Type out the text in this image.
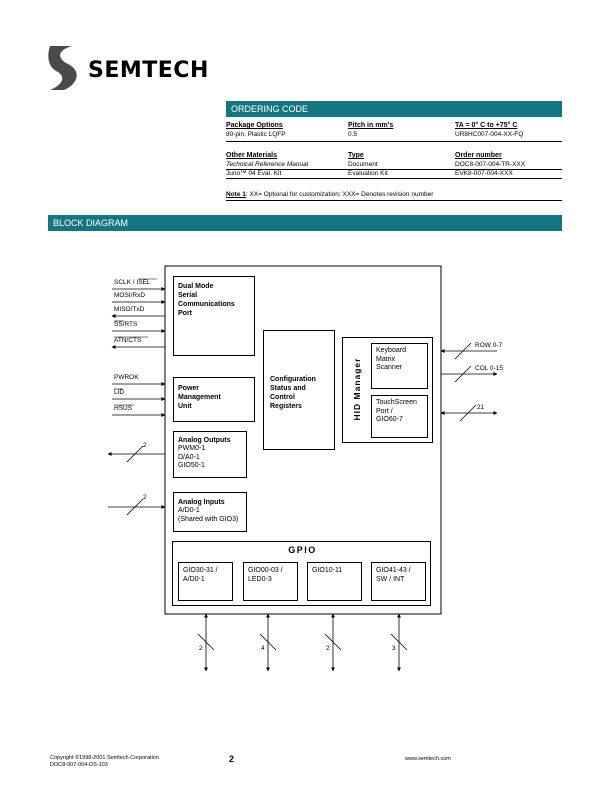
SEMTECH
ORDERING CODE
Package Options	Pitch in mm's	TA = 0° C to +75° C
80-pin, Plastic LQFP	0.5	UR8HC007-004-XX-FQ
Other Materials	Type	Order number
Technical Reference Manual	Document	DOC8-007-004-TR-XXX
Juno™ 04 Eval. Kit	Evaluation Kit	EVK8-007-004-XXX
Note 1: XX= Optional for customization; XXX= Denotes revision number
BLOCK DIAGRAM
SCLK / ISEL
MOSI/RxD
MISO/TxD
SS/RTS
ATN/CTS
PWROK
LID
HSUS
Dual Mode
Serial
Communications
Port
Power
Management
Unit
Configuration
Status and
Control
Registers
Analog Outputs
PWM0-1
D/A0-1
GIO50-1
2
Analog Inputs
A/D0-1
(Shared with GIO3)
2
HID Manager
Keyboard
Matrix
Scanner
TouchScreen
Port /
GIO60-7
ROW 0-7
COL 0-15
21
GPIO
GIO30-31 /
A/D0-1
GIO00-03 /
LED0-3
GIO10-11	GIO41-43 /
SW / INT
2	4	2	3
Copyright ©1998-2001 Semtech Corporation
DOC8-007-004-DS-103
2	www.semtech.com
